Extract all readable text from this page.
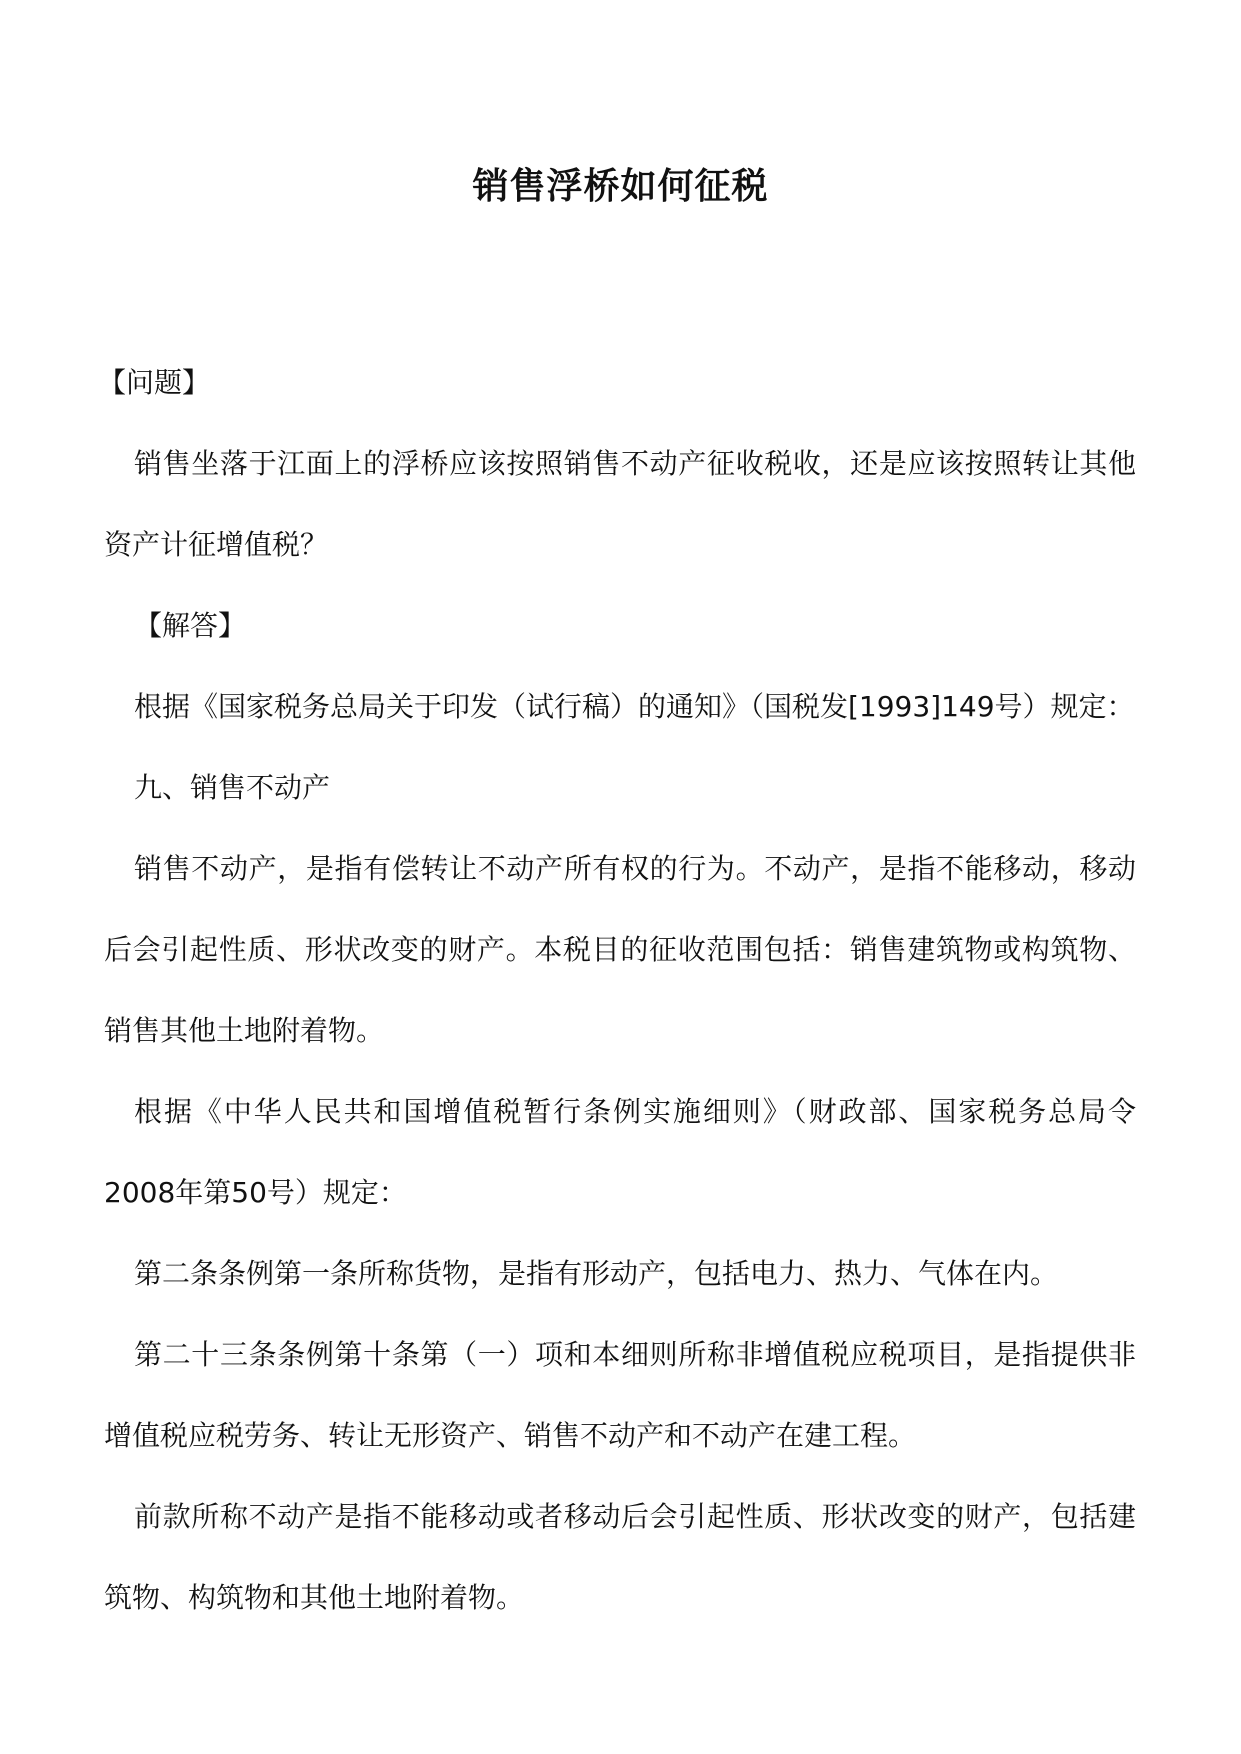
销售浮桥如何征税

【问题】

销售坐落于江面上的浮桥应该按照销售不动产征收税收，还是应该按照转让其他资产计征增值税？

【解答】

根据《国家税务总局关于印发（试行稿）的通知》（国税发[1993]149号）规定：

九、销售不动产

销售不动产，是指有偿转让不动产所有权的行为。不动产，是指不能移动，移动后会引起性质、形状改变的财产。本税目的征收范围包括：销售建筑物或构筑物、销售其他土地附着物。

根据《中华人民共和国增值税暂行条例实施细则》（财政部、国家税务总局令2008年第50号）规定：

第二条条例第一条所称货物，是指有形动产，包括电力、热力、气体在内。

第二十三条条例第十条第（一）项和本细则所称非增值税应税项目，是指提供非增值税应税劳务、转让无形资产、销售不动产和不动产在建工程。

前款所称不动产是指不能移动或者移动后会引起性质、形状改变的财产，包括建筑物、构筑物和其他土地附着物。
